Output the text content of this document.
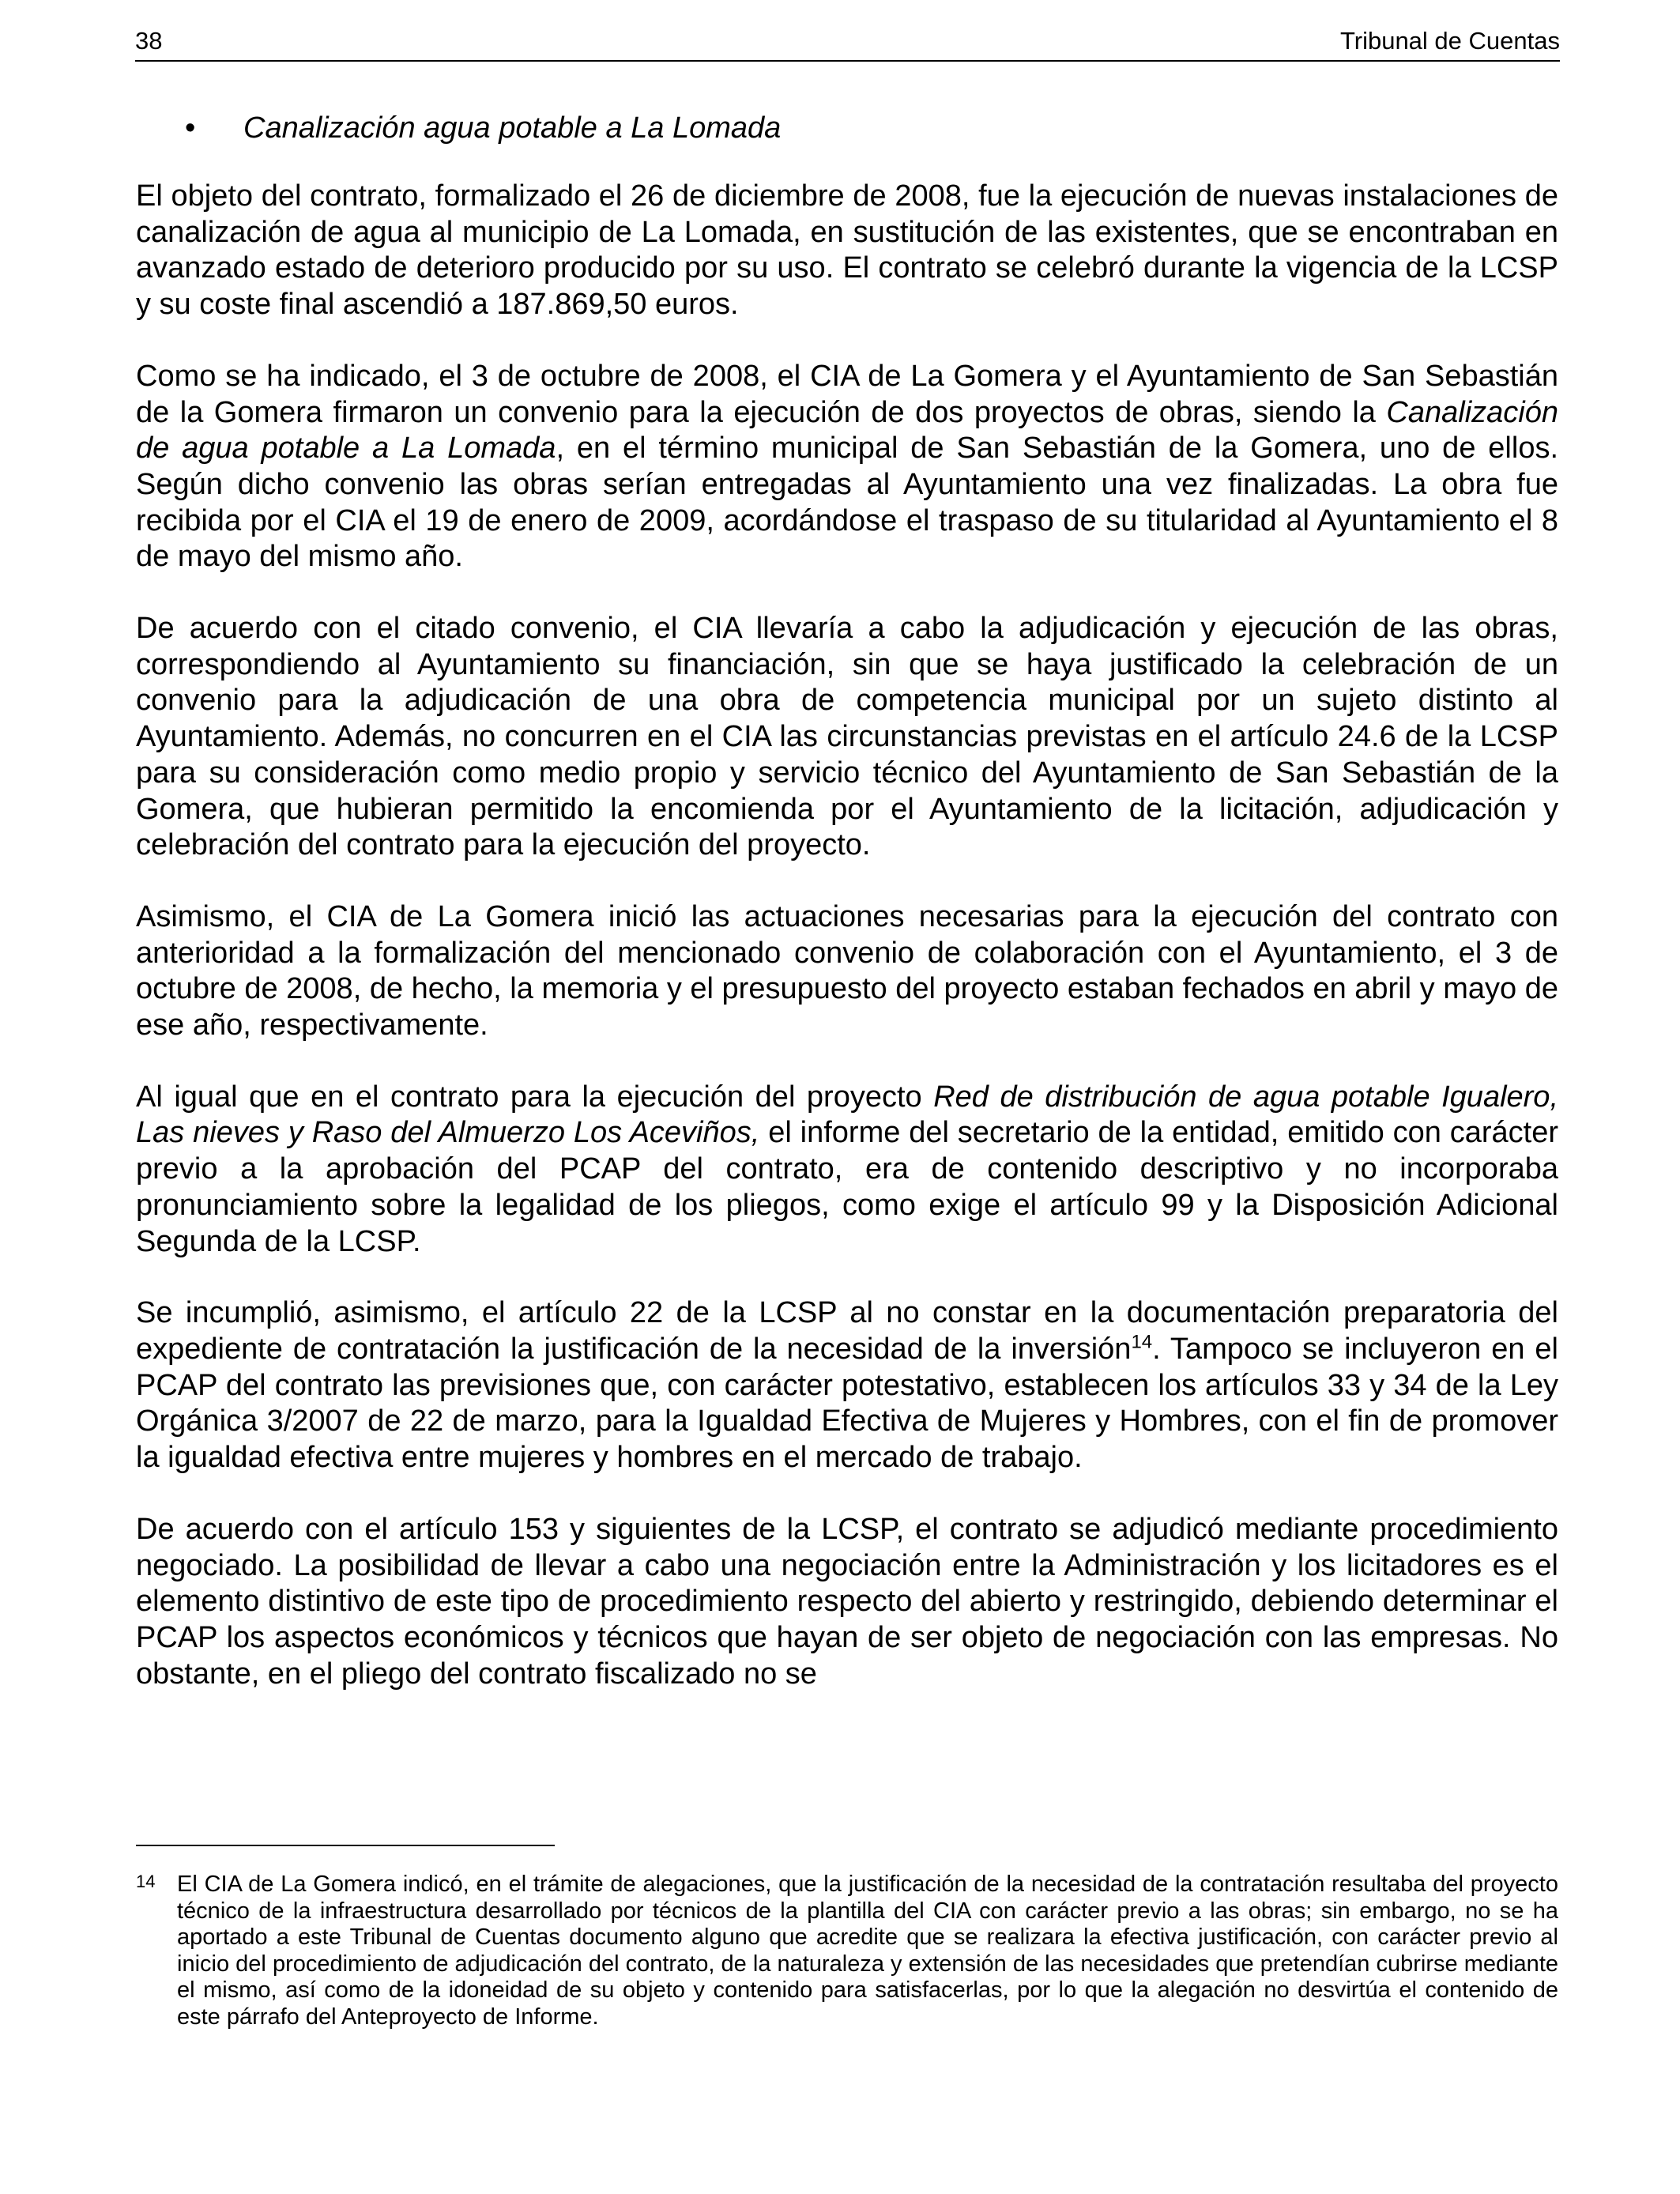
38	Tribunal de Cuentas
•	Canalización agua potable a La Lomada

El objeto del contrato, formalizado el 26 de diciembre de 2008, fue la ejecución de nuevas instalaciones de canalización de agua al municipio de La Lomada, en sustitución de las existentes, que se encontraban en avanzado estado de deterioro producido por su uso. El contrato se celebró durante la vigencia de la LCSP y su coste final ascendió a 187.869,50 euros.

Como se ha indicado, el 3 de octubre de 2008, el CIA de La Gomera y el Ayuntamiento de San Sebastián de la Gomera firmaron un convenio para la ejecución de dos proyectos de obras, siendo la Canalización de agua potable a La Lomada, en el término municipal de San Sebastián de la Gomera, uno de ellos. Según dicho convenio las obras serían entregadas al Ayuntamiento una vez finalizadas. La obra fue recibida por el CIA el 19 de enero de 2009, acordándose el traspaso de su titularidad al Ayuntamiento el 8 de mayo del mismo año.

De acuerdo con el citado convenio, el CIA llevaría a cabo la adjudicación y ejecución de las obras, correspondiendo al Ayuntamiento su financiación, sin que se haya justificado la celebración de un convenio para la adjudicación de una obra de competencia municipal por un sujeto distinto al Ayuntamiento. Además, no concurren en el CIA las circunstancias previstas en el artículo 24.6 de la LCSP para su consideración como medio propio y servicio técnico del Ayuntamiento de San Sebastián de la Gomera, que hubieran permitido la encomienda por el Ayuntamiento de la licitación, adjudicación y celebración del contrato para la ejecución del proyecto.

Asimismo, el CIA de La Gomera inició las actuaciones necesarias para la ejecución del contrato con anterioridad a la formalización del mencionado convenio de colaboración con el Ayuntamiento, el 3 de octubre de 2008, de hecho, la memoria y el presupuesto del proyecto estaban fechados en abril y mayo de ese año, respectivamente.

Al igual que en el contrato para la ejecución del proyecto Red de distribución de agua potable Igualero, Las nieves y Raso del Almuerzo Los Aceviños, el informe del secretario de la entidad, emitido con carácter previo a la aprobación del PCAP del contrato, era de contenido descriptivo y no incorporaba pronunciamiento sobre la legalidad de los pliegos, como exige el artículo 99 y la Disposición Adicional Segunda de la LCSP.

Se incumplió, asimismo, el artículo 22 de la LCSP al no constar en la documentación preparatoria del expediente de contratación la justificación de la necesidad de la inversión$^{14}$. Tampoco se incluyeron en el PCAP del contrato las previsiones que, con carácter potestativo, establecen los artículos 33 y 34 de la Ley Orgánica 3/2007 de 22 de marzo, para la Igualdad Efectiva de Mujeres y Hombres, con el fin de promover la igualdad efectiva entre mujeres y hombres en el mercado de trabajo.

De acuerdo con el artículo 153 y siguientes de la LCSP, el contrato se adjudicó mediante procedimiento negociado. La posibilidad de llevar a cabo una negociación entre la Administración y los licitadores es el elemento distintivo de este tipo de procedimiento respecto del abierto y restringido, debiendo determinar el PCAP los aspectos económicos y técnicos que hayan de ser objeto de negociación con las empresas. No obstante, en el pliego del contrato fiscalizado no se

14 El CIA de La Gomera indicó, en el trámite de alegaciones, que la justificación de la necesidad de la contratación resultaba del proyecto técnico de la infraestructura desarrollado por técnicos de la plantilla del CIA con carácter previo a las obras; sin embargo, no se ha aportado a este Tribunal de Cuentas documento alguno que acredite que se realizara la efectiva justificación, con carácter previo al inicio del procedimiento de adjudicación del contrato, de la naturaleza y extensión de las necesidades que pretendían cubrirse mediante el mismo, así como de la idoneidad de su objeto y contenido para satisfacerlas, por lo que la alegación no desvirtúa el contenido de este párrafo del Anteproyecto de Informe.
